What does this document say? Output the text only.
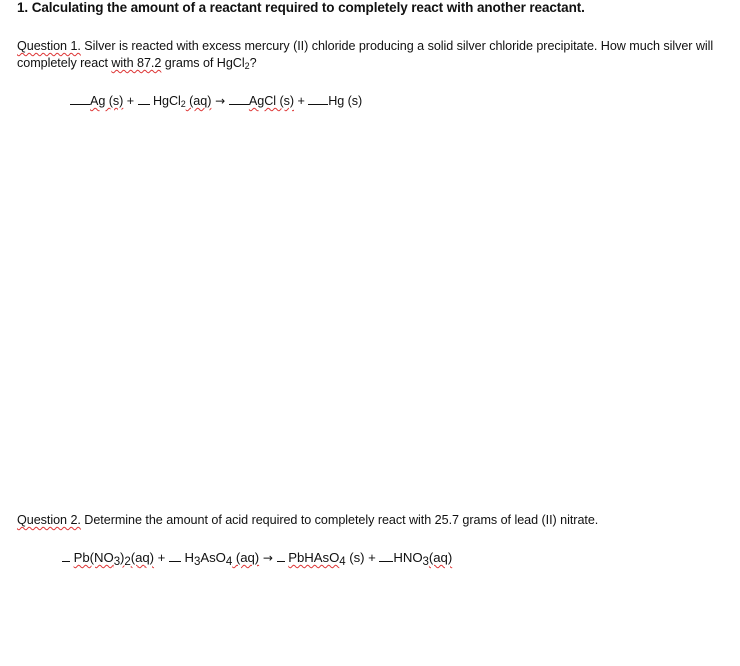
1. Calculating the amount of a reactant required to completely react with another reactant.
Question 1. Silver is reacted with excess mercury (II) chloride producing a solid silver chloride precipitate. How much silver will completely react with 87.2 grams of HgCl$_2$?
Ag (s) +  HgCl$_2$ (aq) → AgCl (s) + Hg (s)
Question 2. Determine the amount of acid required to completely react with 25.7 grams of lead (II) nitrate.
Pb(NO3)2(aq) +  H3AsO4 (aq) →  PbHAsO4 (s) + HNO3(aq)
